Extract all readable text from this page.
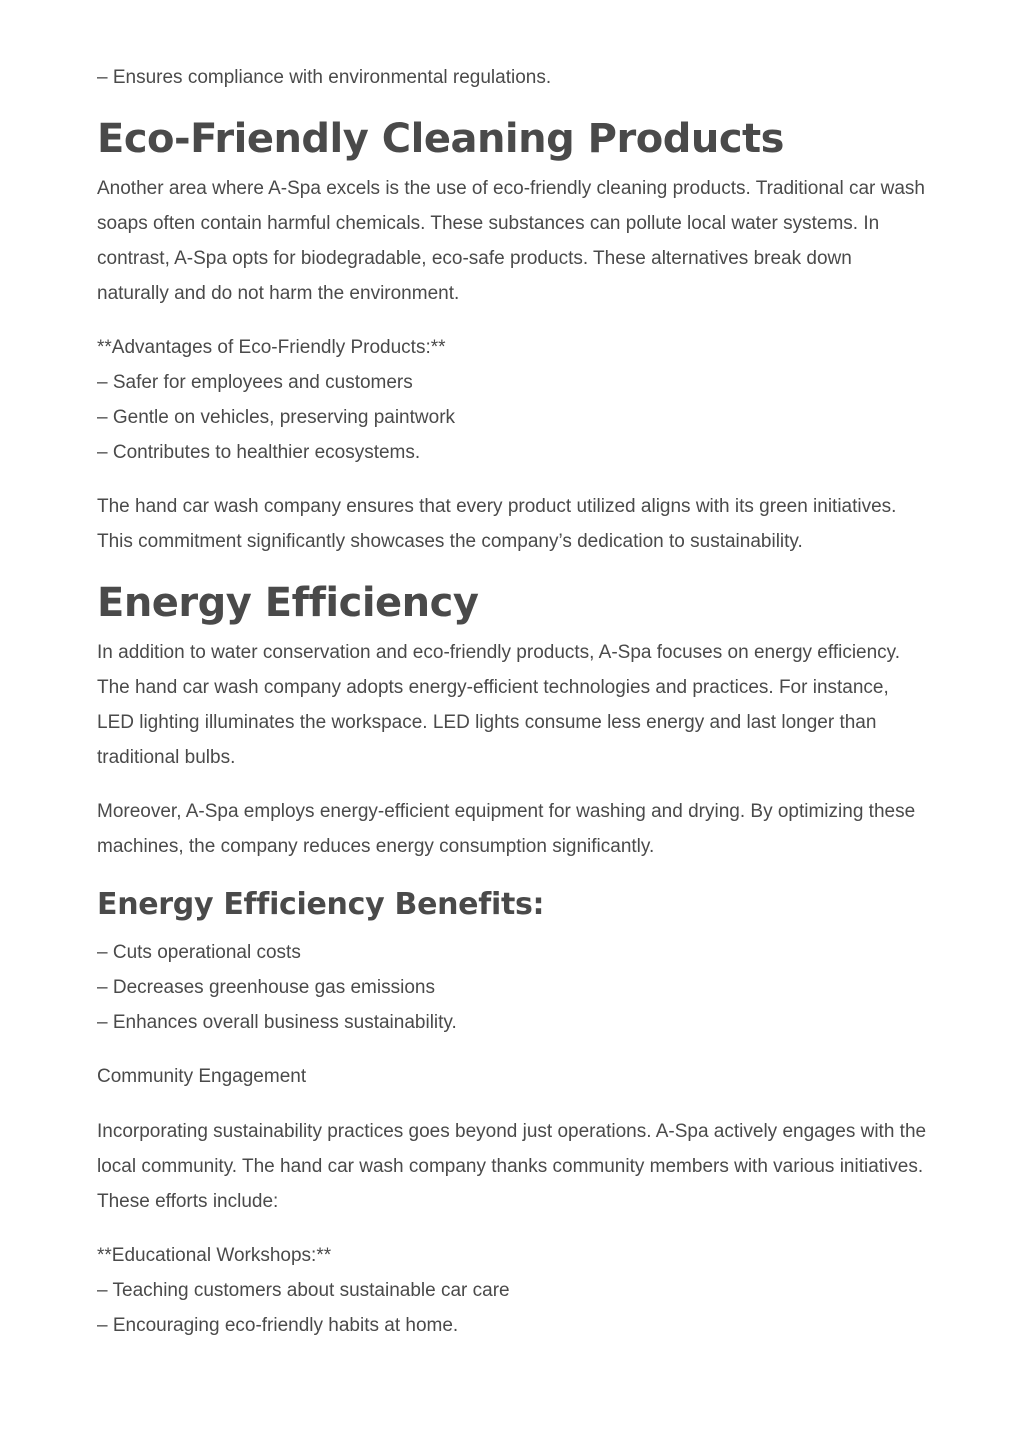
– Ensures compliance with environmental regulations.

Eco-Friendly Cleaning Products

Another area where A-Spa excels is the use of eco-friendly cleaning products. Traditional car wash soaps often contain harmful chemicals. These substances can pollute local water systems. In contrast, A-Spa opts for biodegradable, eco-safe products. These alternatives break down naturally and do not harm the environment.

**Advantages of Eco-Friendly Products:**
– Safer for employees and customers
– Gentle on vehicles, preserving paintwork
– Contributes to healthier ecosystems.

The hand car wash company ensures that every product utilized aligns with its green initiatives. This commitment significantly showcases the company’s dedication to sustainability.

Energy Efficiency

In addition to water conservation and eco-friendly products, A-Spa focuses on energy efficiency. The hand car wash company adopts energy-efficient technologies and practices. For instance, LED lighting illuminates the workspace. LED lights consume less energy and last longer than traditional bulbs.

Moreover, A-Spa employs energy-efficient equipment for washing and drying. By optimizing these machines, the company reduces energy consumption significantly.

Energy Efficiency Benefits:
– Cuts operational costs
– Decreases greenhouse gas emissions
– Enhances overall business sustainability.

Community Engagement

Incorporating sustainability practices goes beyond just operations. A-Spa actively engages with the local community. The hand car wash company thanks community members with various initiatives. These efforts include:

**Educational Workshops:**
– Teaching customers about sustainable car care
– Encouraging eco-friendly habits at home.
